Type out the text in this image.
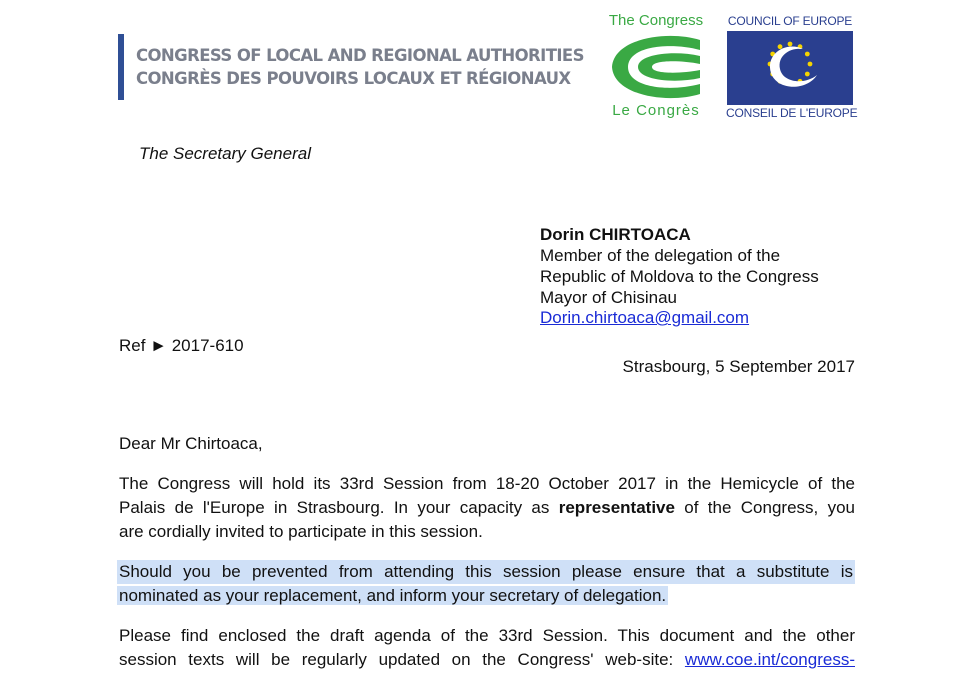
CONGRESS OF LOCAL AND REGIONAL AUTHORITIES
CONGRÈS DES POUVOIRS LOCAUX ET RÉGIONAUX
The Congress
Le Congrès
COUNCIL OF EUROPE
CONSEIL DE L'EUROPE
The Secretary General
Dorin CHIRTOACA
Member of the delegation of the
Republic of Moldova to the Congress
Mayor of Chisinau
Dorin.chirtoaca@gmail.com
Ref ► 2017-610
Strasbourg, 5 September 2017
Dear Mr Chirtoaca,
The Congress will hold its 33rd Session from 18-20 October 2017 in the Hemicycle of the
Palais de l'Europe in Strasbourg. In your capacity as representative of the Congress, you
are cordially invited to participate in this session.
Should you be prevented from attending this session please ensure that a substitute is
nominated as your replacement, and inform your secretary of delegation.
Please find enclosed the draft agenda of the 33rd Session. This document and the other
session texts will be regularly updated on the Congress' web-site: www.coe.int/congress-
